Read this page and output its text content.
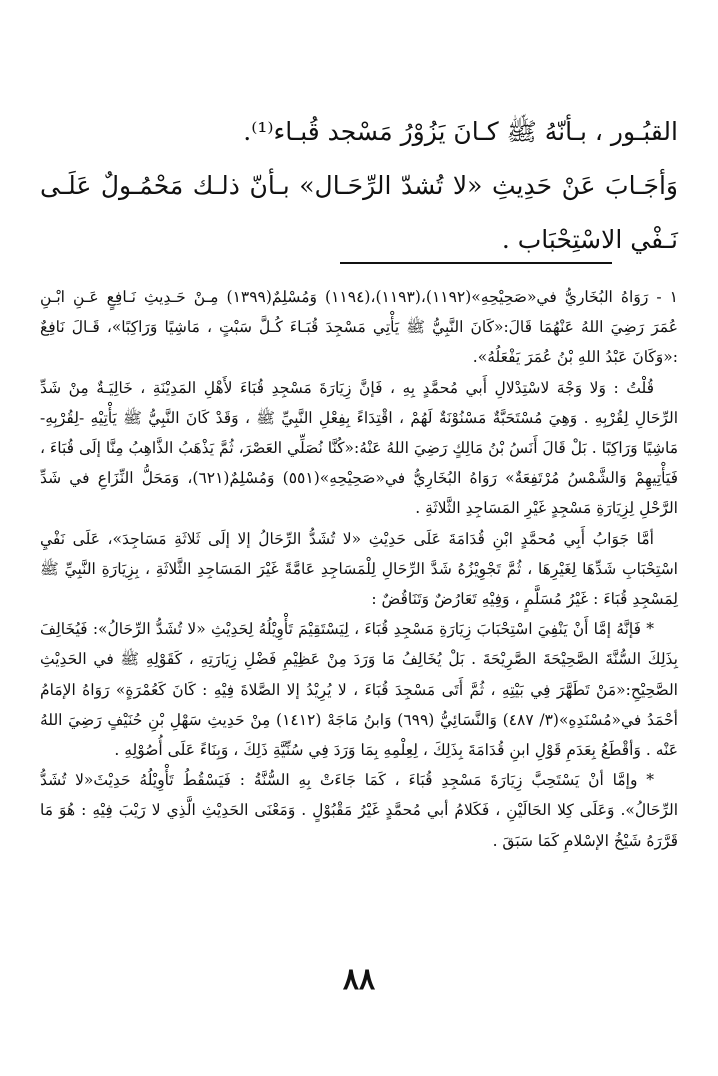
القبُـور ، بـأنّهُ ﷺ كـانَ يَزُوْرُ مَسْجد قُبـاء⁽¹⁾.

وَأجَـابَ عَنْ حَدِيثِ «لا تُشدّ الرِّحَـال» بـأنّ ذلـك مَحْمُـولٌ عَلَـى نَـفْي الاسْتِحْبَاب .

١ - رَوَاهُ البُخَاريُّ في«صَحِيْحِهِ»(١١٩٢)،(١١٩٣)،(١١٩٤) وَمُسْلِمٌ(١٣٩٩) مِـنْ حَـدِيثِ نَـافِعٍ عَـنِ ابْـنِ عُمَرَ رَضِيَ اللهُ عَنْهُمَا قَالَ:«كَانَ النَّبِيُّ ﷺ يَأْتِي مَسْجِدَ قُبَـاءَ كُـلَّ سَبْتٍ ، مَاشِيًا وَرَاكِبًا»، قَـالَ نَافِعٌ :«وَكَانَ عَبْدُ اللهِ بْنُ عُمَرَ يَفْعَلُهُ».

قُلْتُ : وَلا وَجْهَ لاسْتِدْلالِ أَبي مُحمَّدٍ بِهِ ، فَإنَّ زِيَارَةَ مَسْجِدِ قُبَاءَ لأَهْلِ المَدِيْنَةِ ، خَالِيَـةٌ مِنْ شَدِّ الرِّحَالِ لِقُرْبِهِ . وَهِيَ مُسْتَحَبَّةٌ مَسْنُوْنَةٌ لَهُمْ ، اقْتِدَاءً بِفِعْلِ النَّبِيِّ ﷺ ، وَقَدْ كَانَ النَّبِيُّ ﷺ يَأْتِيْهِ -لِقُرْبِهِ- مَاشِيًا وَرَاكِبًا . بَلْ قَالَ أَنَسُ بْنُ مَالِكٍ رَضِيَ اللهُ عَنْهُ:«كُنَّا نُصَلِّي العَصْرَ، ثُمَّ يَذْهَبُ الذَّاهِبُ مِنَّا إلَى قُبَاءَ ، فَيَأْتِيهِمْ وَالشَّمْسُ مُرْتَفِعَةٌ» رَوَاهُ البُخَارِيُّ في«صَحِيْحِهِ»(٥٥١) وَمُسْلِمٌ(٦٢١)، وَمَحَلُّ النِّزَاعِ في شَدِّ الرَّحْلِ لِزِيَارَةِ مَسْجِدٍ غَيْرِ المَسَاجِدِ الثَّلاثَةِ .

أمَّا جَوَابُ أَبِي مُحمَّدٍ ابْنِ قُدَامَةَ عَلَى حَدِيْثِ «لا تُشَدُّ الرِّحَالُ إلا إلَى ثَلاثَةِ مَسَاجِدَ»، عَلَى نَفْيِ اسْتِحْبَابِ شَدِّهَا لِغَيْرِهَا ، ثُمَّ تَجْوِيْزُهُ شَدَّ الرِّحَالِ لِلْمَسَاجِدِ عَامَّةً غَيْرَ المَسَاجِدِ الثَّلاثَةِ ، بِزِيَارَةِ النَّبِيِّ ﷺ لِمَسْجِدِ قُبَاءَ : غَيْرُ مُسَلَّمٍ ، وَفِيْهِ تَعَارُضٌ وَتَنَاقُضٌ :

* فَإنَّهُ إمَّا أَنْ يَنْفِيَ اسْتِحْبَابَ زِيَارَةِ مَسْجِدِ قُبَاءَ ، لِيَسْتَقِيْمَ تَأْوِيْلُهُ لِحَدِيْثِ «لا تُشَدُّ الرِّحَالُ»: فَيُخَالِفَ بِذَلِكَ السُّنَّةَ الصَّحِيْحَةَ الصَّرِيْحَةَ . بَلْ يُخَالِفُ مَا وَرَدَ مِنْ عَظِيْمِ فَضْلِ زِيَارَتِهِ ، كَقَوْلِهِ ﷺ في الحَدِيْثِ الصَّحِيْحِ:«مَنْ تَطَهَّرَ فِي بَيْتِهِ ، ثُمَّ أَتَى مَسْجِدَ قُبَاءَ ، لا يُرِيْدُ إلا الصَّلاةَ فِيْهِ : كَانَ كَعُمْرَةٍ» رَوَاهُ الإمَامُ أحْمَدُ في«مُسْنَدِهِ»(٣/ ٤٨٧) وَالنَّسَائِيُّ (٦٩٩) وَابنُ مَاجَهْ (١٤١٢) مِنْ حَدِيثِ سَهْلِ بْنِ حُنَيْفٍ رَضِيَ اللهُ عَنْه . وَأقْطَعُ بِعَدَمِ قَوْلِ ابنِ قُدَامَةَ بِذَلِكَ ، لِعِلْمِهِ بِمَا وَرَدَ فِي سُنِّيَّةِ ذَلِكَ ، وَبِنَاءً عَلَى أُصُوْلِهِ .

* وإمَّا أنْ يَسْتَحِبَّ زِيَارَةَ مَسْجِدِ قُبَاءَ ، كَمَا جَاءَتْ بِهِ السُّنَّةُ : فَيَسْقُطُ تَأْوِيْلُهُ حَدِيْثَ«لا تُشَدُّ الرِّحَالُ». وَعَلَى كِلا الحَالَيْنِ ، فَكَلامُ أبي مُحمَّدٍ غَيْرُ مَقْبُوْلٍ . وَمَعْنَى الحَدِيْثِ الَّذِي لا رَيْبَ فِيْهِ : هُوَ مَا قَرَّرَهُ شَيْخُ الإسْلامِ كَمَا سَبَقَ .

٨٨
